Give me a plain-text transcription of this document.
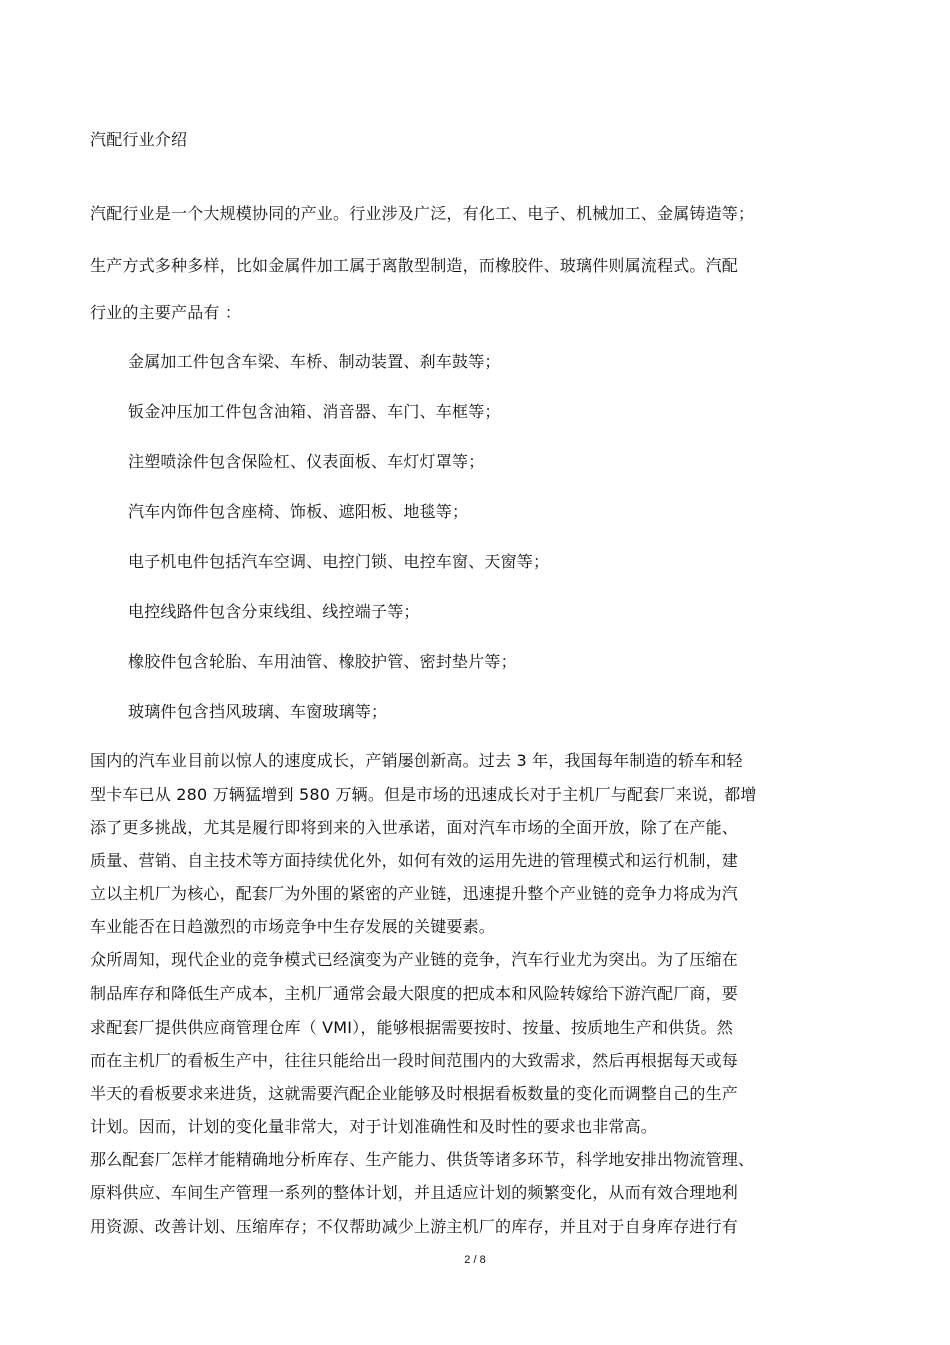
汽配行业介绍
汽配行业是一个大规模协同的产业。行业涉及广泛，有化工、电子、机械加工、金属铸造等；
生产方式多种多样，比如金属件加工属于离散型制造，而橡胶件、玻璃件则属流程式。汽配
行业的主要产品有 ：
金属加工件包含车梁、车桥、制动装置、刹车鼓等；
钣金冲压加工件包含油箱、消音器、车门、车框等；
注塑喷涂件包含保险杠、仪表面板、车灯灯罩等；
汽车内饰件包含座椅、饰板、遮阳板、地毯等；
电子机电件包括汽车空调、电控门锁、电控车窗、天窗等；
电控线路件包含分束线组、线控端子等；
橡胶件包含轮胎、车用油管、橡胶护管、密封垫片等；
玻璃件包含挡风玻璃、车窗玻璃等；
国内的汽车业目前以惊人的速度成长，产销屡创新高。过去 3 年，我国每年制造的轿车和轻
型卡车已从 280 万辆猛增到 580 万辆。但是市场的迅速成长对于主机厂与配套厂来说，都增
添了更多挑战，尤其是履行即将到来的入世承诺，面对汽车市场的全面开放，除了在产能、
质量、营销、自主技术等方面持续优化外，如何有效的运用先进的管理模式和运行机制，建
立以主机厂为核心，配套厂为外围的紧密的产业链，迅速提升整个产业链的竞争力将成为汽
车业能否在日趋激烈的市场竞争中生存发展的关键要素。
众所周知，现代企业的竞争模式已经演变为产业链的竞争，汽车行业尤为突出。为了压缩在
制品库存和降低生产成本，主机厂通常会最大限度的把成本和风险转嫁给下游汽配厂商，要
求配套厂提供供应商管理仓库（ VMI），能够根据需要按时、按量、按质地生产和供货。然
而在主机厂的看板生产中，往往只能给出一段时间范围内的大致需求，然后再根据每天或每
半天的看板要求来进货，这就需要汽配企业能够及时根据看板数量的变化而调整自己的生产
计划。因而，计划的变化量非常大，对于计划准确性和及时性的要求也非常高。
那么配套厂怎样才能精确地分析库存、生产能力、供货等诸多环节，科学地安排出物流管理、
原料供应、车间生产管理一系列的整体计划，并且适应计划的频繁变化，从而有效合理地利
用资源、改善计划、压缩库存；不仅帮助减少上游主机厂的库存，并且对于自身库存进行有
2 / 8
